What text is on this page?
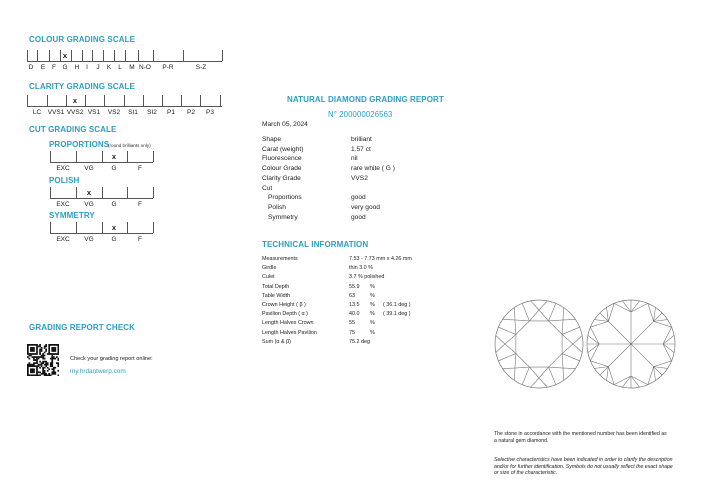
COLOUR GRADING SCALE
D	E	F G
x
H	I	J	K	L	M N-O	P-R	S-Z
CLARITY GRADING SCALE
LC	VVS1 VVS2
x
VS1	VS2	SI1	SI2	P1	P2	P3
CUT GRADING SCALE
PROPORTIONS
(round brilliants only)
POLISH
SYMMETRY
EXC	VG	G
x
F
EXC	VG
x
G	F
EXC	VG	G
x
F
GRADING REPORT CHECK
Check your grading report online:
my.hrdantwerp.com
NATURAL DIAMOND GRADING REPORT
N° 200000026563
March 05, 2024
Shape	brilliant
Carat (weight)	1.57 ct
Fluorescence	nil
Colour Grade	rare white ( G )
Clarity Grade	VVS2
Cut
Proportions	good
Polish	very good
Symmetry	good
TECHNICAL INFORMATION
Measurements	7.53 - 7.73 mm x 4.26 mm
Girdle	thin 3.0 %
Culet	3.7 % polished
Total Depth	55.9 %
Table Width	63	%
Crown Height ( β )	13.5 % ( 36.1 deg )
Pavilion Depth ( α )	40.0 % ( 39.1 deg )
Length Halves Crown	55	%
Length Halves Pavilion	75	%
Sum (α & β)	75.2 deg
The stone in accordance with the mentioned number has been identified as a natural gem diamond.
Selective characteristics have been indicated in order to clarify the description and/or for further identification. Symbols do not usually reflect the exact shape or size of the characteristic.
